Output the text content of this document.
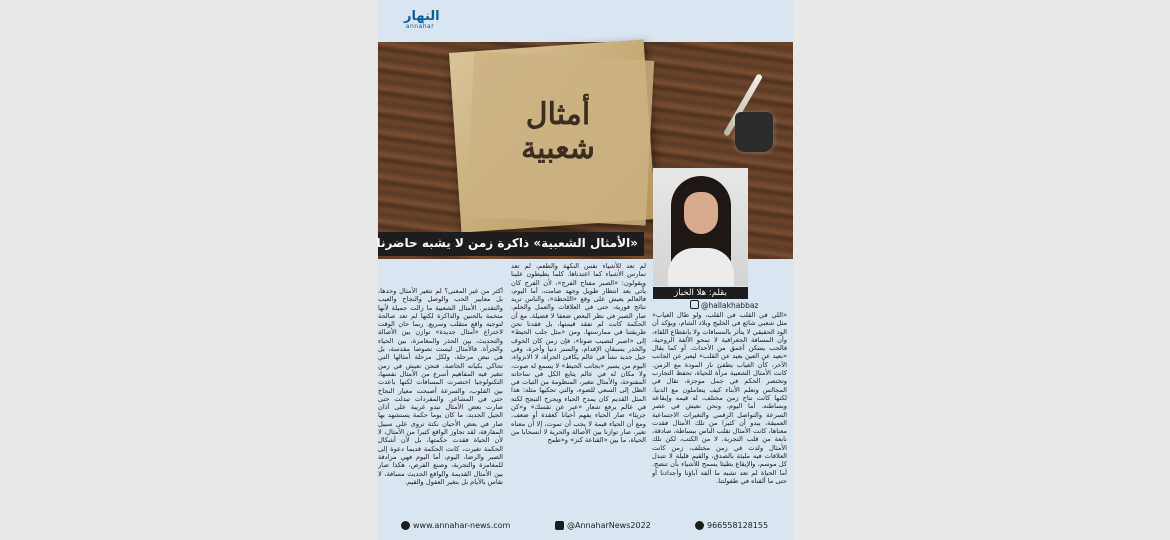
النهار
annahar
أمثال شعبية
«الأمثال الشعبية» ذاكرة زمن لا يشبه حاضرنا
بقلم: هلا الخباز
@hallakhabbaz
«اللي في القلب في القلب، ولو طال الغياب» مثل شعبي شائع في الخليج وبلاد الشام، ويؤكد أن الود الحقيقي لا يتأثر بالمسافات ولا بانقطاع اللقاء، وأن المسافة الجغرافية لا تمحو الألفة الروحية، فالحب يسكن أعمق من الأحداث. أو كما يقال «بعيد عن العين بعيد عن القلب» ليعبر عن الجانب الآخر، كأن الغياب يطفئ نار المودة مع الزمن. كانت الأمثال الشعبية مرآة للحياة، تحفظ التجارب وتختصر الحكم في جمل موجزة، تقال في المجالس وتعلم الأبناء كيف يتعاملون مع الدنيا. لكنها كانت نتاج زمن مختلف، له قيمه وإيقاعه وبساطته. أما اليوم، ونحن نعيش في عصر السرعة والتواصل الرقمي والتغيرات الاجتماعية العميقة، يبدو أن كثيرا من تلك الأمثال فقدت معناها، كانت الأمثال تقلب الناس ببساطة، صادقة، نابعة من قلب التجربة. لا من الكتب، لكن تلك الأمثال ولدت في زمن مختلف، زمن كانت العلاقات فيه مليئة بالصدق، والقيم قليلة لا تتبدل كل موسم، والإيقاع بطيئا يسمح للأشياء بأن تنضج. أما الحياة لم تعد تشبه ما ألفه آباؤنا وأجدادنا أو حتى ما ألفناه في طفولتنا.
لم تعد للأشياء نفس النكهة والطعم، لم تعد تمارس الأشياء كما اعتدناها. كلما يطيطون علينا ويقولون: «الصبر مفتاح الفرج»، لأن الفرج كان يأتي بعد انتظار طويل وجهد صامت، أما اليوم، فالعالم يعيش على وقع «اللحظة»، والناس تريد نتائج فورية، حتى في العلاقات والعمل والحلم. صار الصبر في نظر البعض ضعفا لا فضيلة. مع أن الحكمة كانت لم تفقد قيمتها، بل فقدنا نحن طريقتنا في ممارستها. ومن «مثل جلب الحيط» إلى «اصبر لتصيب صوتا»، فإن زمن كان الخوف والحذر يسبقان الإقدام، والستر دنيا وأخرة، وفي جيل جديد نشأ في عالم يكافئ الجرأة، لا الانزواء، اليوم من يسير «بجانب الحيط» لا يسمع له صوت، ولا مكان له في عالم يتابع الكل في ساحاته المفتوحة، والأمثال تتغير، المنظومة من الثبات في الظل إلى السعي للضوء، والتي تحكيها مثله: هذا المثل القديم كان يمدح الحياء ويجرح التبجح لكنه في عالم يرفع شعار «عبر عن نفسك» و«كن جريئا» صار الحياء يفهم أحيانا كعقدة أو ضعف. ومع أن الحياء قيمة لا يجب أن تموت، إلا أن معناه تغير، صار توازنا بين الأصالة والحرية لا انسحابا من الحياة، ما بين «القناعة كنز» و«طمح
أكثر من غير المعنى؟ لم تتغير الأمثال وحدها، بل معايير الحب والوصل والنجاح والعيب والتقدير. الأمثال الشعبية ما زالت جميلة لأنها متخمة بالحنين والذاكرة لكنها لم تعد صالحة لتوجيه واقع متقلب وسريع. ربما حان الوقت لاختراع «أمثال جديدة» توازن بين الأصالة والتحديث، بين الحذر والمغامرة، بين الحياء والجرأة. فالأمثال ليست نصوصا مقدسة، بل هي نبض مرحلة، ولكل مرحلة أمثالها التي تحاكي بكيانه الخاصة. فنحن نعيش في زمن تتغير فيه المفاهيم أسرع من الأمثال نفسها، التكنولوجيا اختصرت المسافات لكنها باعدت بين القلوب، والسرعة أصبحت معيار النجاح حتى في المشاعر. والمفردات تبدلت حتى صارت بعض الأمثال تبدو غريبة على آذان الجيل الجديد، ما كان يوما حكمة يستشهد بها صار في بعض الأحيان نكتة تروى على سبيل المفارقة، لقد تجاوز الواقع كثيرا من الأمثال، لا لأن الحياة فقدت حكمتها، بل لأن أشكال الحكمة تغيرت، كانت الحكمة قديما دعوة إلى الصبر والرضا، اليوم، أما اليوم فهي مرادفة للمغامرة والتجربة، وصنع الفرص، هكذا صار بين الأمثال القديمة والواقع الحديث مسافة، لا تقاس بالأيام بل بتغير العقول والقيم.
www.annahar-news.com	@AnnaharNews2022	966558128155
